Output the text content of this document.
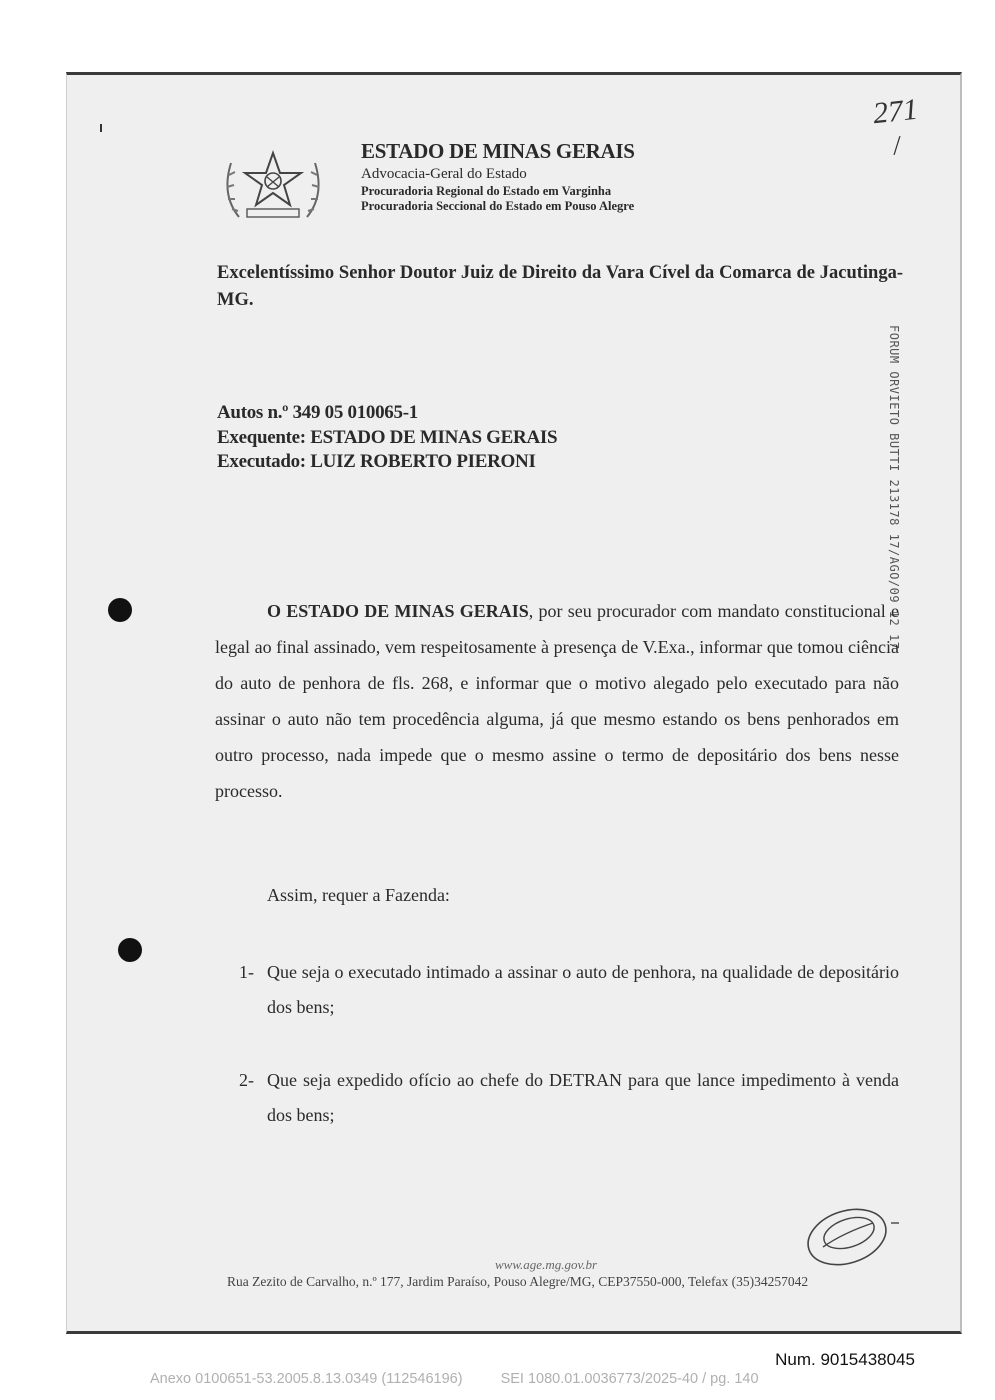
ESTADO DE MINAS GERAIS
Advocacia-Geral do Estado
Procuradoria Regional do Estado em Varginha
Procuradoria Seccional do Estado em Pouso Alegre
271
/
Excelentíssimo Senhor Doutor Juiz de Direito da Vara Cível da Comarca de Jacutinga-MG.
FORUM ORVIETO BUTTI 213178 17/AGO/09 12 17
Autos n.º 349 05 010065-1
Exequente: ESTADO DE MINAS GERAIS
Executado: LUIZ ROBERTO PIERONI
O ESTADO DE MINAS GERAIS, por seu procurador com mandato constitucional e legal ao final assinado, vem respeitosamente à presença de V.Exa., informar que tomou ciência do auto de penhora de fls. 268, e informar que o motivo alegado pelo executado para não assinar o auto não tem procedência alguma, já que mesmo estando os bens penhorados em outro processo, nada impede que o mesmo assine o termo de depositário dos bens nesse processo.
Assim, requer a Fazenda:
1- Que seja o executado intimado a assinar o auto de penhora, na qualidade de depositário dos bens;
2- Que seja expedido ofício ao chefe do DETRAN para que lance impedimento à venda dos bens;
www.age.mg.gov.br
Rua Zezito de Carvalho, n.º 177, Jardim Paraíso, Pouso Alegre/MG, CEP37550-000, Telefax (35)34257042
Num. 9015438045
Anexo 0100651-53.2005.8.13.0349 (112546196)	SEI 1080.01.0036773/2025-40 / pg. 140
